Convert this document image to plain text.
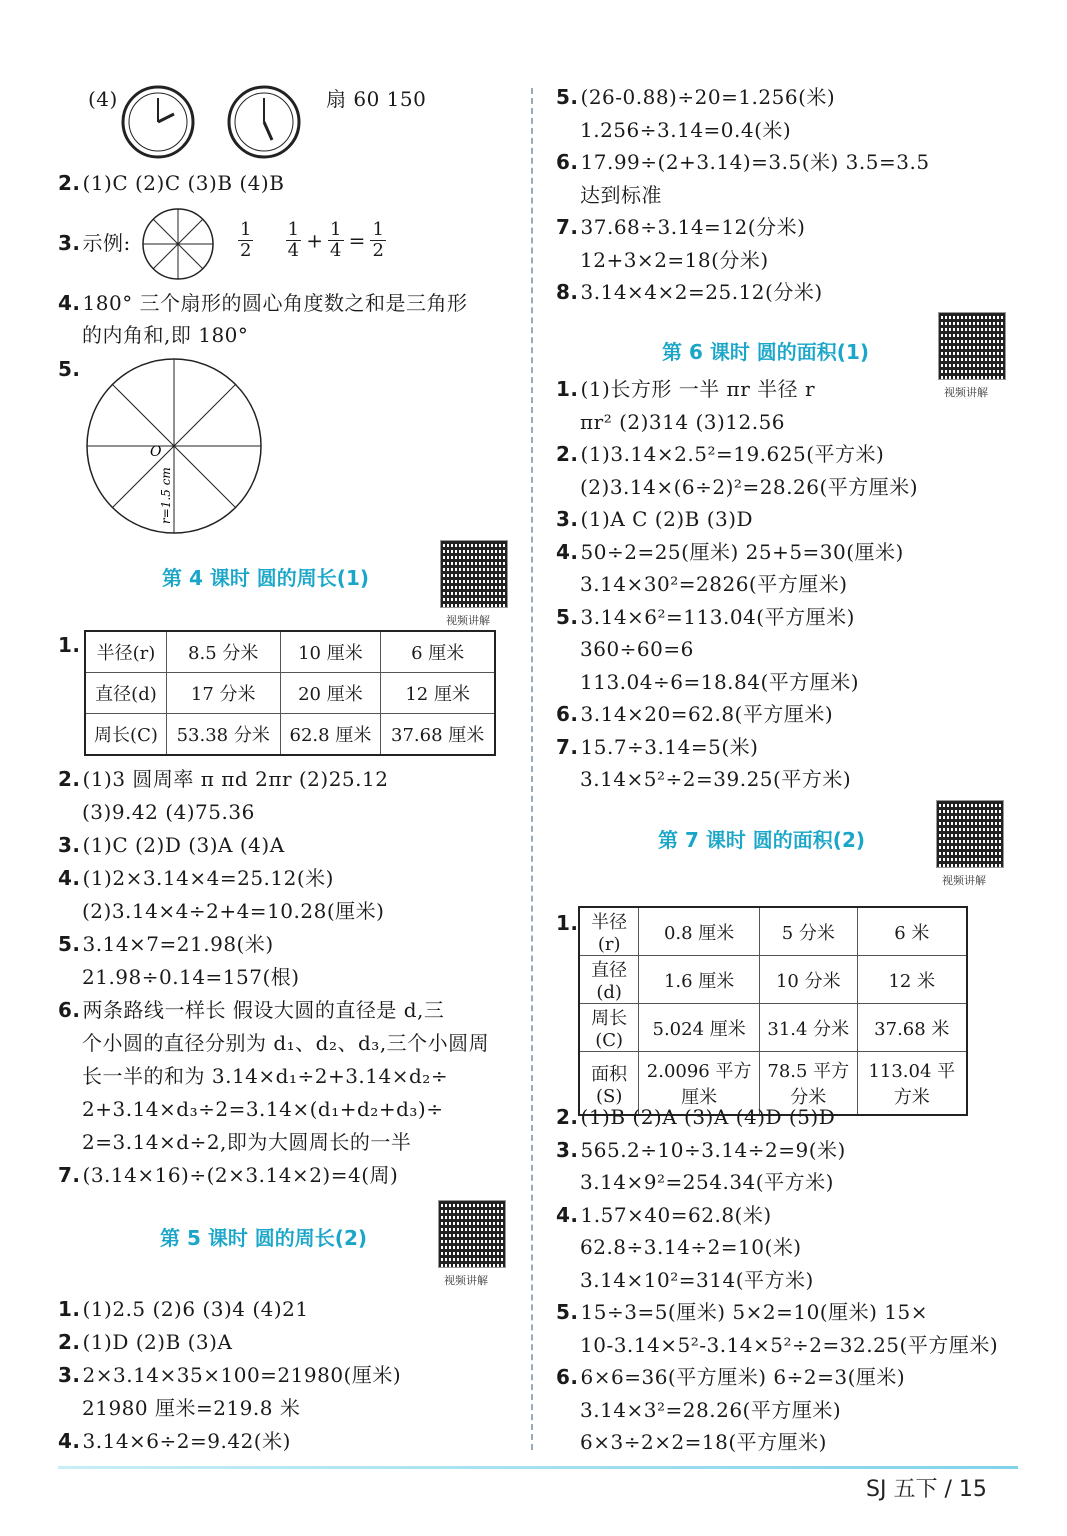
(4)	扇 60 150
2. (1)C (2)C (3)B (4)B
3. 示例:	$\frac{1}{2}$
$\frac{1}{4} + \frac{1}{4} = \frac{1}{2}$
4. 180° 三个扇形的圆心角度数之和是三角形
的内角和,即 180°
5.
O
r=1.5 cm
第 4 课时 圆的周长(1)
视频讲解
1. 半径(r)	8.5 分米	10 厘米	6 厘米
直径(d)	17 分米	20 厘米	12 厘米
周长(C)	53.38 分米	62.8 厘米	37.68 厘米
2. (1)3 圆周率 π πd 2πr (2)25.12
(3)9.42 (4)75.36
3. (1)C (2)D (3)A (4)A
4. (1)2×3.14×4=25.12(米)
(2)3.14×4÷2+4=10.28(厘米)
5. 3.14×7=21.98(米)
21.98÷0.14=157(根)
6. 两条路线一样长 假设大圆的直径是 d,三
个小圆的直径分别为 d₁、d₂、d₃,三个小圆周
长一半的和为 3.14×d₁÷2+3.14×d₂÷
2+3.14×d₃÷2=3.14×(d₁+d₂+d₃)÷
2=3.14×d÷2,即为大圆周长的一半
7. (3.14×16)÷(2×3.14×2)=4(周)
第 5 课时 圆的周长(2)
视频讲解
1. (1)2.5 (2)6 (3)4 (4)21
2. (1)D (2)B (3)A
3. 2×3.14×35×100=21980(厘米)
21980 厘米=219.8 米
4. 3.14×6÷2=9.42(米)
5. (26-0.88)÷20=1.256(米)
1.256÷3.14=0.4(米)
6. 17.99÷(2+3.14)=3.5(米) 3.5=3.5
达到标准
7. 37.68÷3.14=12(分米)
12+3×2=18(分米)
8. 3.14×4×2=25.12(分米)
第 6 课时 圆的面积(1)
视频讲解
1. (1)长方形 一半 πr 半径 r
πr² (2)314 (3)12.56
2. (1)3.14×2.5²=19.625(平方米)
(2)3.14×(6÷2)²=28.26(平方厘米)
3. (1)A C (2)B (3)D
4. 50÷2=25(厘米) 25+5=30(厘米)
3.14×30²=2826(平方厘米)
5. 3.14×6²=113.04(平方厘米)
360÷60=6
113.04÷6=18.84(平方厘米)
6. 3.14×20=62.8(平方厘米)
7. 15.7÷3.14=5(米)
3.14×5²÷2=39.25(平方米)
第 7 课时 圆的面积(2)
视频讲解
1. 半径(r)	0.8 厘米	5 分米	6 米
直径(d)	1.6 厘米	10 分米	12 米
周长(C)	5.024 厘米	31.4 分米	37.68 米
面积(S)	2.0096 平方厘米	78.5 平方分米	113.04 平方米
2. (1)B (2)A (3)A (4)D (5)D
3. 565.2÷10÷3.14÷2=9(米)
3.14×9²=254.34(平方米)
4. 1.57×40=62.8(米)
62.8÷3.14÷2=10(米)
3.14×10²=314(平方米)
5. 15÷3=5(厘米) 5×2=10(厘米) 15×
10-3.14×5²-3.14×5²÷2=32.25(平方厘米)
6. 6×6=36(平方厘米) 6÷2=3(厘米)
3.14×3²=28.26(平方厘米)
6×3÷2×2=18(平方厘米)
SJ 五下 / 15
